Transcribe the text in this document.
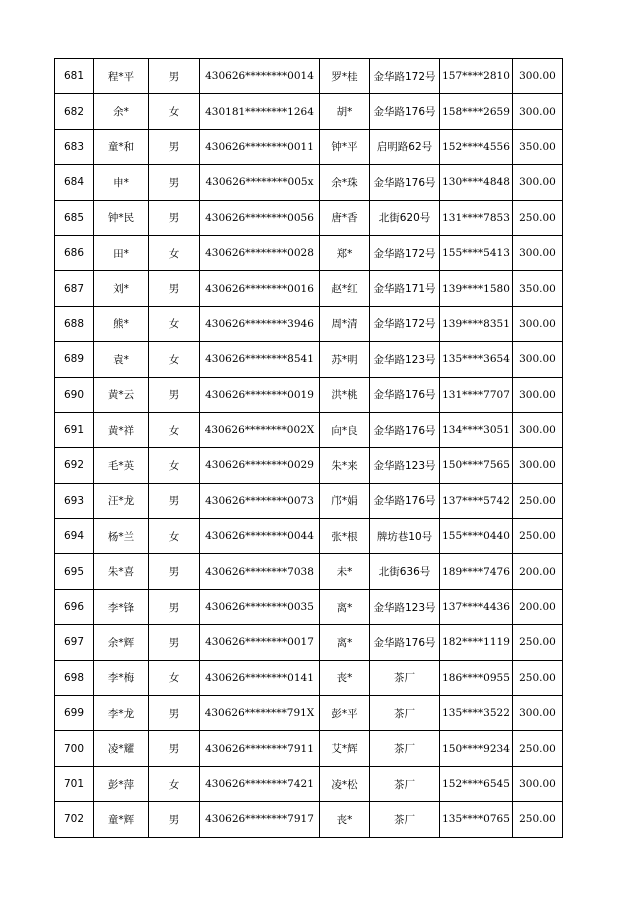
681	程*平	男	430626********0014	罗*桂	金华路172号	157****2810	300.00
682	余*	女	430181********1264	胡*	金华路176号	158****2659	300.00
683	童*和	男	430626********0011	钟*平	启明路62号	152****4556	350.00
684	申*	男	430626********005x	余*珠	金华路176号	130****4848	300.00
685	钟*民	男	430626********0056	唐*香	北街620号	131****7853	250.00
686	田*	女	430626********0028	郑*	金华路172号	155****5413	300.00
687	刘*	男	430626********0016	赵*红	金华路171号	139****1580	350.00
688	熊*	女	430626********3946	周*清	金华路172号	139****8351	300.00
689	袁*	女	430626********8541	苏*明	金华路123号	135****3654	300.00
690	黄*云	男	430626********0019	洪*桃	金华路176号	131****7707	300.00
691	黄*祥	女	430626********002X	向*良	金华路176号	134****3051	300.00
692	毛*英	女	430626********0029	朱*来	金华路123号	150****7565	300.00
693	汪*龙	男	430626********0073	邝*娟	金华路176号	137****5742	250.00
694	杨*兰	女	430626********0044	张*根	牌坊巷10号	155****0440	250.00
695	朱*喜	男	430626********7038	未*	北街636号	189****7476	200.00
696	李*锋	男	430626********0035	离*	金华路123号	137****4436	200.00
697	余*辉	男	430626********0017	离*	金华路176号	182****1119	250.00
698	李*梅	女	430626********0141	丧*	茶厂	186****0955	250.00
699	李*龙	男	430626********791X	彭*平	茶厂	135****3522	300.00
700	凌*耀	男	430626********7911	艾*辉	茶厂	150****9234	250.00
701	彭*萍	女	430626********7421	凌*松	茶厂	152****6545	300.00
702	童*辉	男	430626********7917	丧*	茶厂	135****0765	250.00
